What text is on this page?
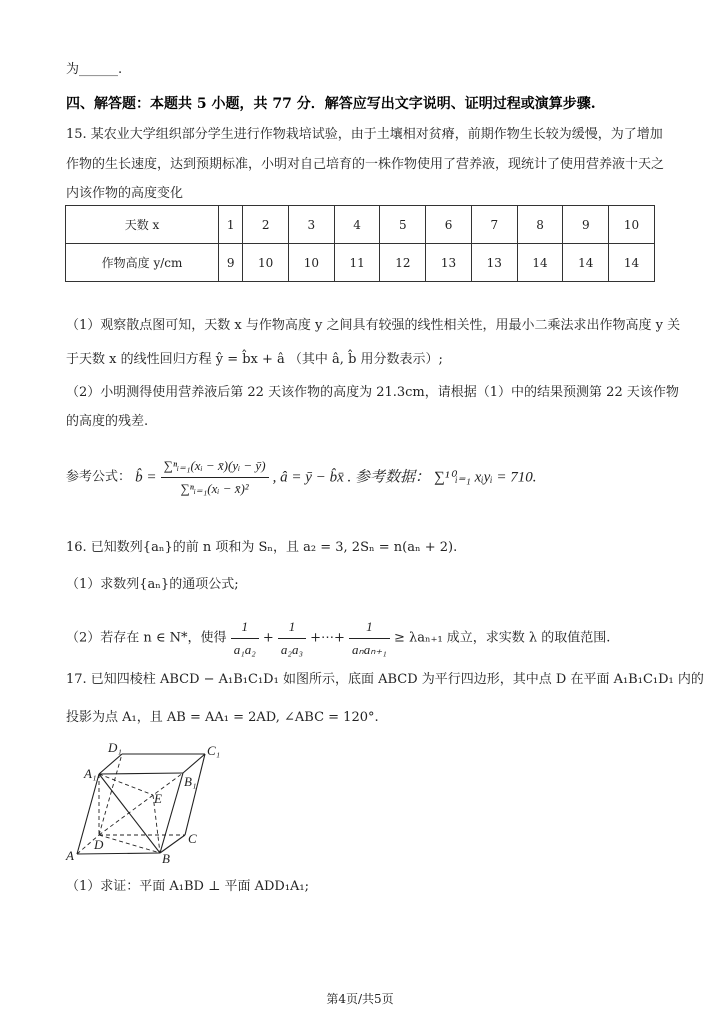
为______.
四、解答题：本题共 5 小题，共 77 分．解答应写出文字说明、证明过程或演算步骤.
15. 某农业大学组织部分学生进行作物栽培试验，由于土壤相对贫瘠，前期作物生长较为缓慢，为了增加
作物的生长速度，达到预期标准，小明对自己培育的一株作物使用了营养液，现统计了使用营养液十天之
内该作物的高度变化
天数 x	1	2	3	4	5	6	7	8	9	10
作物高度 y/cm	9	10	10	11	12	13	13	14	14	14
（1）观察散点图可知，天数 x 与作物高度 y 之间具有较强的线性相关性，用最小二乘法求出作物高度 y 关
于天数 x 的线性回归方程 ŷ = b̂x + â （其中 â, b̂ 用分数表示）;
（2）小明测得使用营养液后第 22 天该作物的高度为 21.3cm，请根据（1）中的结果预测第 22 天该作物
的高度的残差.
参考公式： b̂ = $\frac{\text{∑ⁿᵢ₌₁(xᵢ − x̄)(yᵢ − ȳ)}}{\text{∑ⁿᵢ₌₁(xᵢ − x̄)²}}$ , â = ȳ − b̂x̄ . 参考数据： ∑¹⁰ᵢ₌₁ xᵢyᵢ = 710.
16. 已知数列{aₙ}的前 n 项和为 Sₙ，且 a₂ = 3, 2Sₙ = n(aₙ + 2).
（1）求数列{aₙ}的通项公式;
（2）若存在 n ∈ N*，使得 $\frac{1}{\text{a₁a₂}} + \frac{1}{\text{a₂a₃}}$ +⋯+ $\frac{1}{\text{aₙaₙ₊₁}} \ge \lambda a_{n+1}$ 成立，求实数 λ 的取值范围.
17. 已知四棱柱 ABCD − A₁B₁C₁D₁ 如图所示，底面 ABCD 为平行四边形，其中点 D 在平面 A₁B₁C₁D₁ 内的
投影为点 A₁，且 AB = AA₁ = 2AD, ∠ABC = 120°.
D₁	C₁
A₁
B₁
E
D	C
A	B
（1）求证：平面 A₁BD ⊥ 平面 ADD₁A₁;
第4页/共5页
